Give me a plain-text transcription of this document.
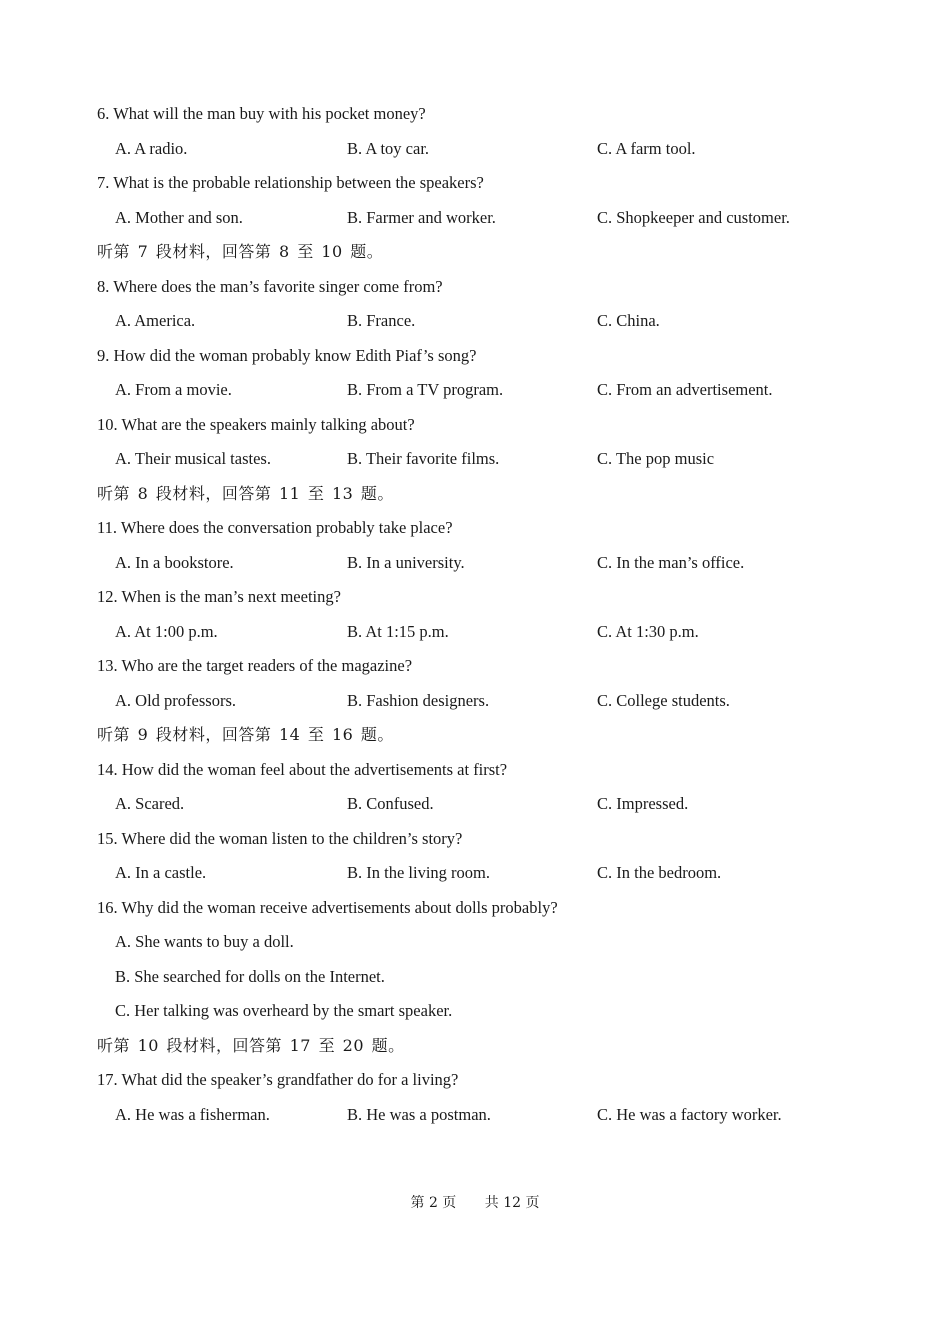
6. What will the man buy with his pocket money?
A. A radio.	B. A toy car.	C. A farm tool.
7. What is the probable relationship between the speakers?
A. Mother and son.	B. Farmer and worker.	C. Shopkeeper and customer.
听第 7 段材料，回答第 8 至 10 题。
8. Where does the man’s favorite singer come from?
A. America.	B. France.	C. China.
9. How did the woman probably know Edith Piaf’s song?
A. From a movie.	B. From a TV program.	C. From an advertisement.
10. What are the speakers mainly talking about?
A. Their musical tastes.	B. Their favorite films.	C. The pop music
听第 8 段材料，回答第 11 至 13 题。
11. Where does the conversation probably take place?
A. In a bookstore.	B. In a university.	C. In the man’s office.
12. When is the man’s next meeting?
A. At 1:00 p.m.	B. At 1:15 p.m.	C. At 1:30 p.m.
13. Who are the target readers of the magazine?
A. Old professors.	B. Fashion designers.	C. College students.
听第 9 段材料，回答第 14 至 16 题。
14. How did the woman feel about the advertisements at first?
A. Scared.	B. Confused.	C. Impressed.
15. Where did the woman listen to the children’s story?
A. In a castle.	B. In the living room.	C. In the bedroom.
16. Why did the woman receive advertisements about dolls probably?
A. She wants to buy a doll.
B. She searched for dolls on the Internet.
C. Her talking was overheard by the smart speaker.
听第 10 段材料，回答第 17 至 20 题。
17. What did the speaker’s grandfather do for a living?
A. He was a fisherman.	B. He was a postman.	C. He was a factory worker.
第 2 页 共 12 页
